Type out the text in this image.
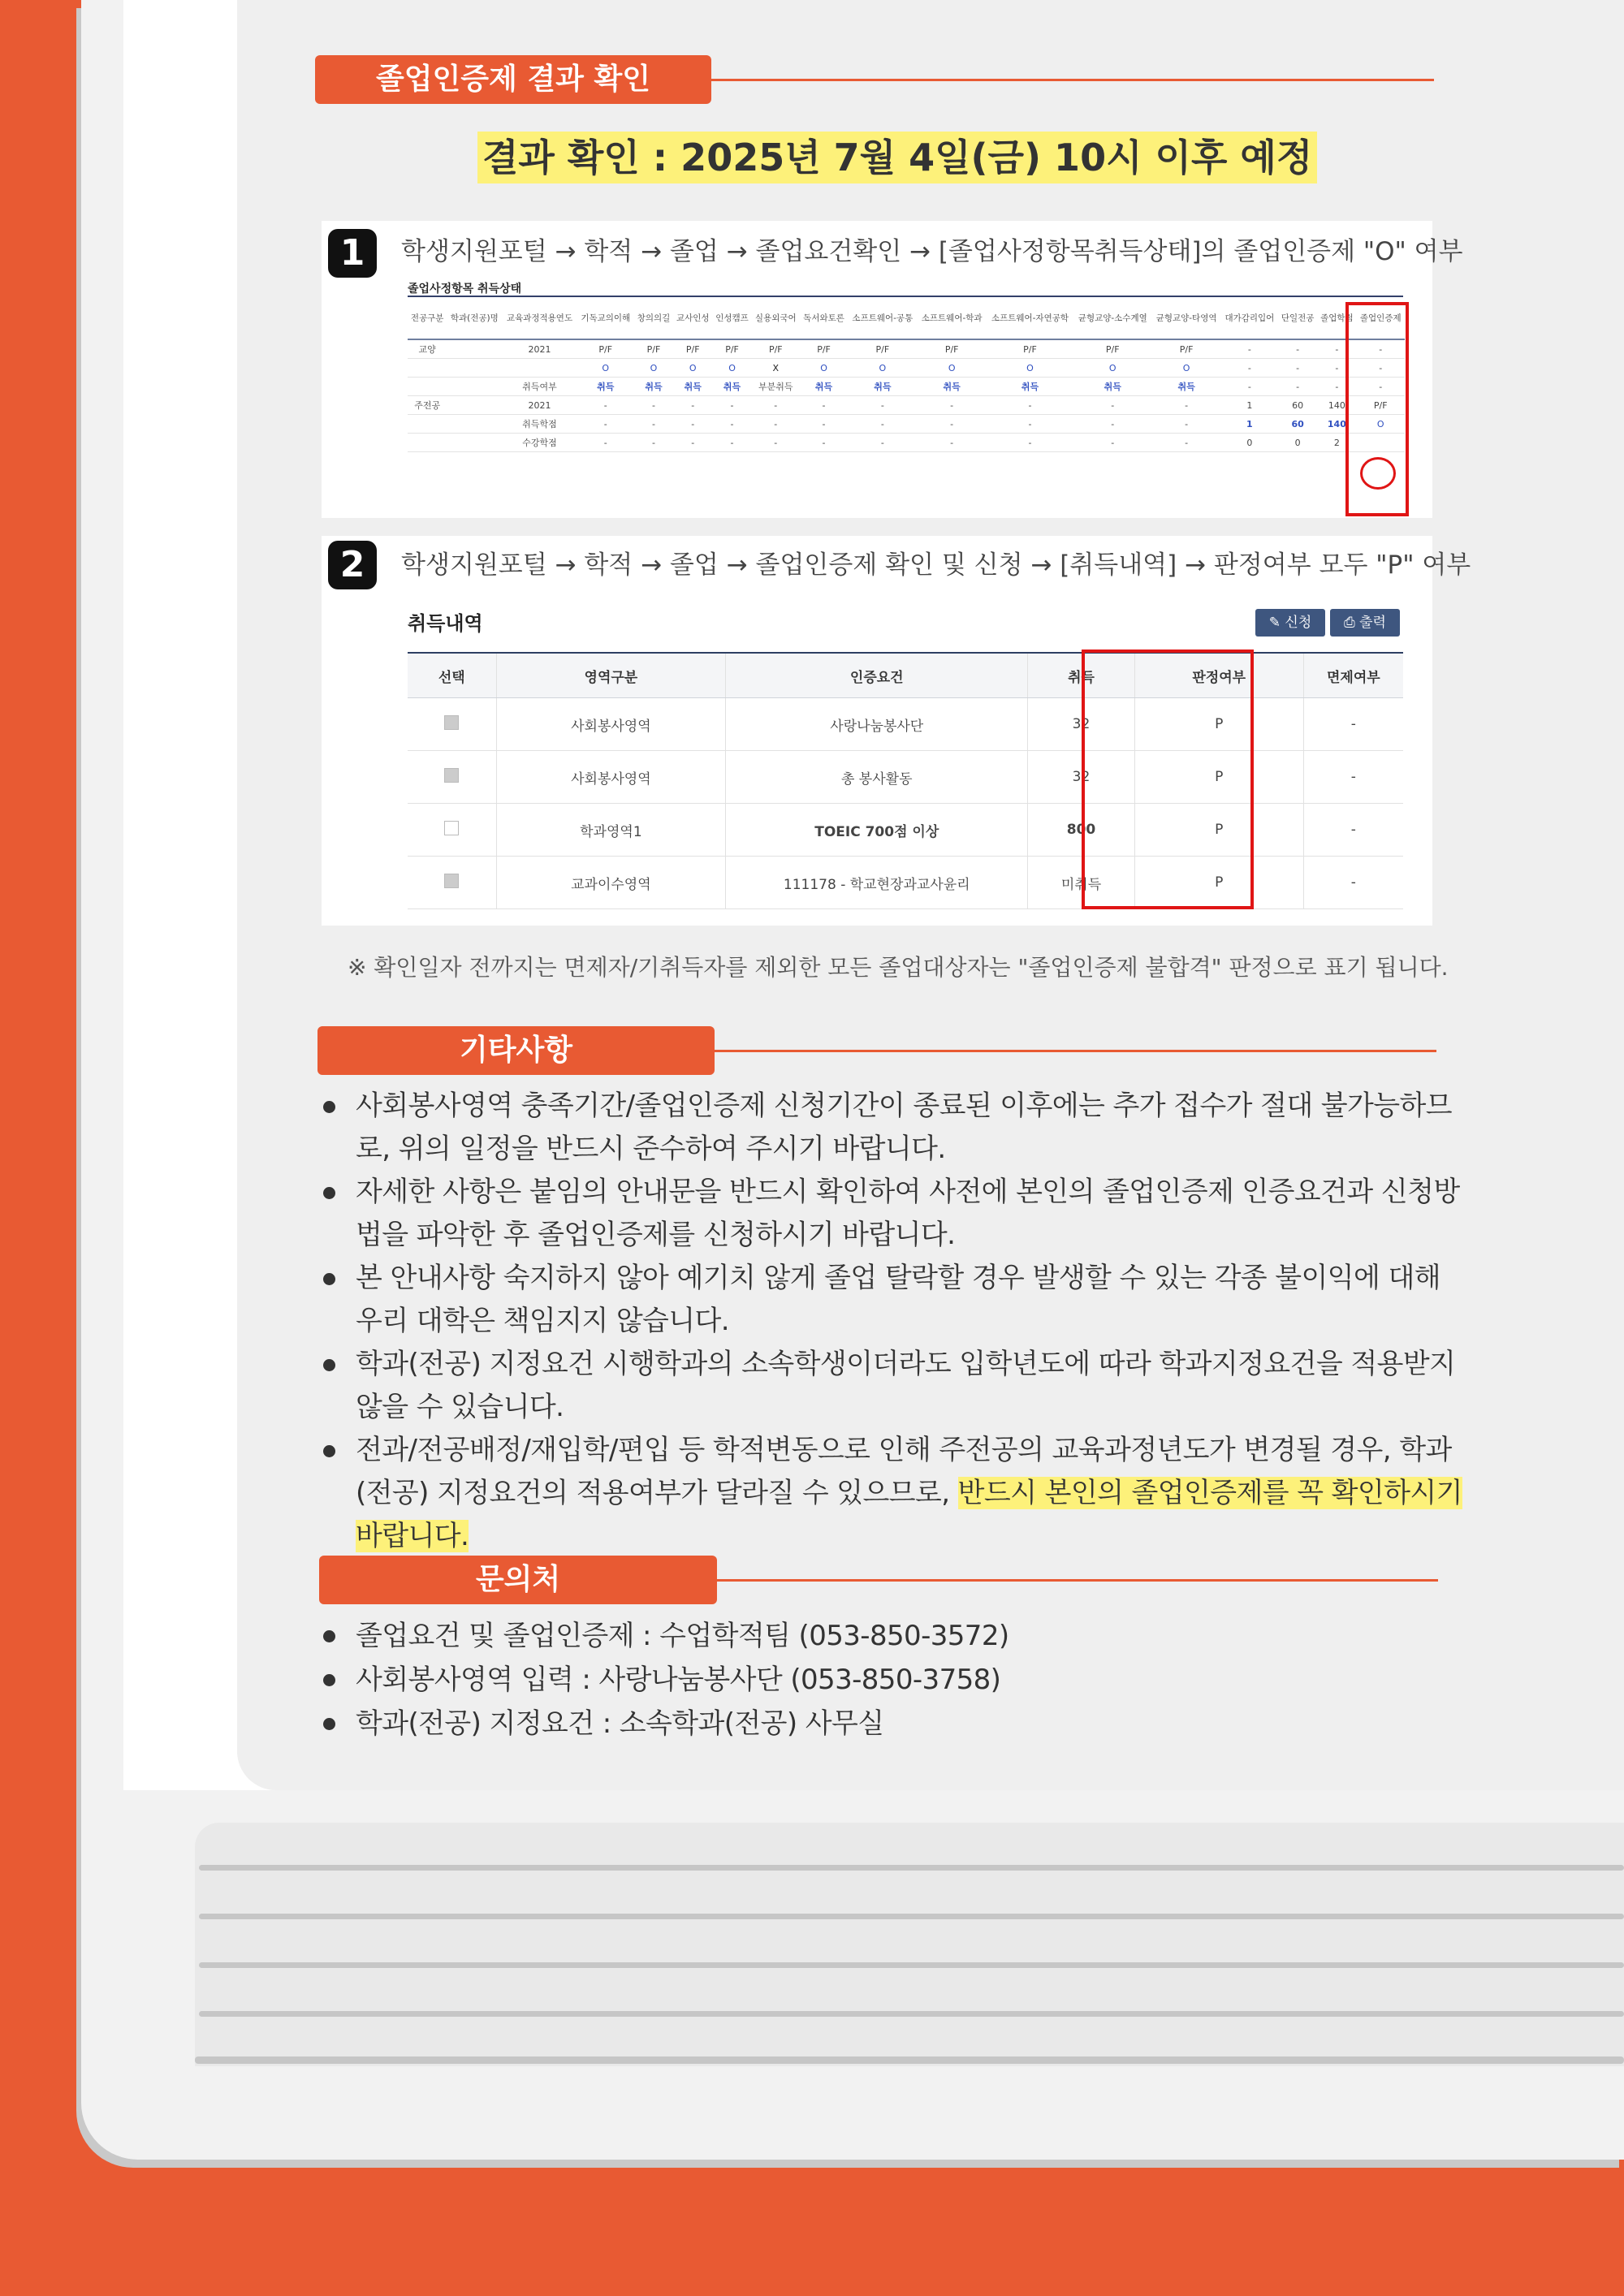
졸업인증제 결과 확인
결과 확인 : 2025년 7월 4일(금) 10시 이후 예정
1	학생지원포털 → 학적 → 졸업 → 졸업요건확인 → [졸업사정항목취득상태]의 졸업인증제 "O" 여부
졸업사정항목 취득상태
전공구분	학과(전공)명	교육과정적용연도	기독교의이해	창의의길	교사인성	인성캠프	실용외국어	독서와토론	소프트웨어-공통	소프트웨어-학과	소프트웨어-자연공학	균형교양-소수계열	균형교양-타영역	대가감리입어	단일전공	졸업학점	졸업인증제
교양		2021	P/F	P/F	P/F	P/F	P/F	P/F	P/F	P/F	P/F	P/F	P/F	-	-	-	-
			O	O	O	O	X	O	O	O	O	O	O	-	-	-	-
		취득여부	취득	취득	취득	취득	부분취득	취득	취득	취득	취득	취득	취득	-	-	-	-
주전공		2021	-	-	-	-	-	-	-	-	-	-	-	1	60	140	P/F
		취득학점	-	-	-	-	-	-	-	-	-	-	-	1	60	140	O
		수강학점	-	-	-	-	-	-	-	-	-	-	-	0	0	2	
2	학생지원포털 → 학적 → 졸업 → 졸업인증제 확인 및 신청 → [취득내역] → 판정여부 모두 "P" 여부
취득내역	✎ 신청	⎙ 출력
선택	영역구분	인증요건	취득	판정여부	면제여부
	사회봉사영역	사랑나눔봉사단	32	P	-
	사회봉사영역	총 봉사활동	32	P	-
	학과영역1	TOEIC 700점 이상	800	P	-
	교과이수영역	111178 - 학교현장과교사윤리	미취득	P	-
※ 확인일자 전까지는 면제자/기취득자를 제외한 모든 졸업대상자는 "졸업인증제 불합격" 판정으로 표기 됩니다.
기타사항
사회봉사영역 충족기간/졸업인증제 신청기간이 종료된 이후에는 추가 접수가 절대 불가능하므로, 위의 일정을 반드시 준수하여 주시기 바랍니다.
자세한 사항은 붙임의 안내문을 반드시 확인하여 사전에 본인의 졸업인증제 인증요건과 신청방법을 파악한 후 졸업인증제를 신청하시기 바랍니다.
본 안내사항 숙지하지 않아 예기치 않게 졸업 탈락할 경우 발생할 수 있는 각종 불이익에 대해 우리 대학은 책임지지 않습니다.
학과(전공) 지정요건 시행학과의 소속학생이더라도 입학년도에 따라 학과지정요건을 적용받지 않을 수 있습니다.
전과/전공배정/재입학/편입 등 학적변동으로 인해 주전공의 교육과정년도가 변경될 경우, 학과(전공) 지정요건의 적용여부가 달라질 수 있으므로, 반드시 본인의 졸업인증제를 꼭 확인하시기 바랍니다.
문의처
졸업요건 및 졸업인증제 : 수업학적팀 (053-850-3572)
사회봉사영역 입력 : 사랑나눔봉사단 (053-850-3758)
학과(전공) 지정요건 : 소속학과(전공) 사무실
